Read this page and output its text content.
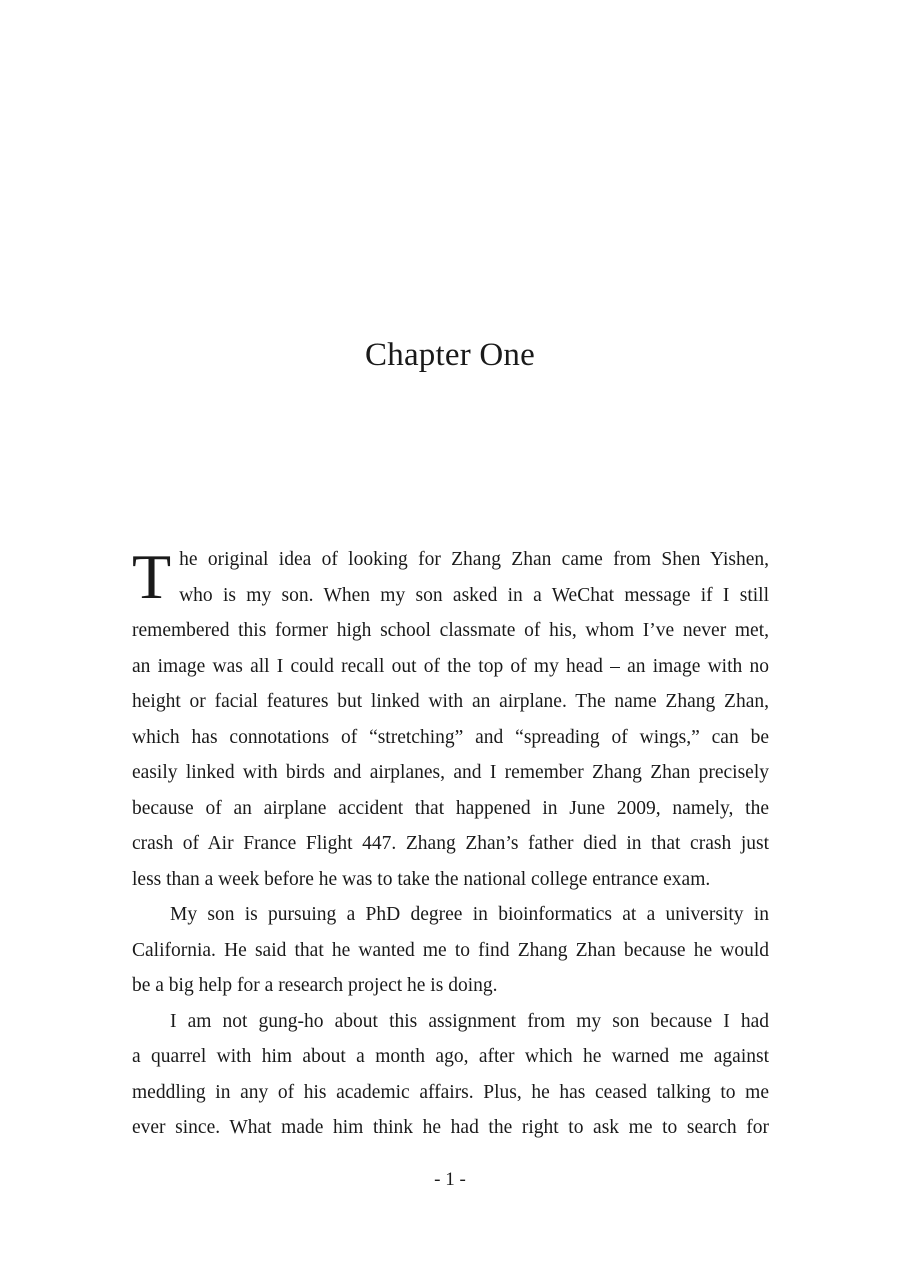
Chapter One
T he original idea of looking for Zhang Zhan came from Shen Yishen,
who is my son. When my son asked in a WeChat message if I still
remembered this former high school classmate of his, whom I’ve never met,
an image was all I could recall out of the top of my head – an image with no
height or facial features but linked with an airplane. The name Zhang Zhan,
which has connotations of “stretching” and “spreading of wings,” can be
easily linked with birds and airplanes, and I remember Zhang Zhan precisely
because of an airplane accident that happened in June 2009, namely, the
crash of Air France Flight 447. Zhang Zhan’s father died in that crash just
less than a week before he was to take the national college entrance exam.
My son is pursuing a PhD degree in bioinformatics at a university in
California. He said that he wanted me to find Zhang Zhan because he would
be a big help for a research project he is doing.
I am not gung-ho about this assignment from my son because I had
a quarrel with him about a month ago, after which he warned me against
meddling in any of his academic affairs. Plus, he has ceased talking to me
ever since. What made him think he had the right to ask me to search for
- 1 -
